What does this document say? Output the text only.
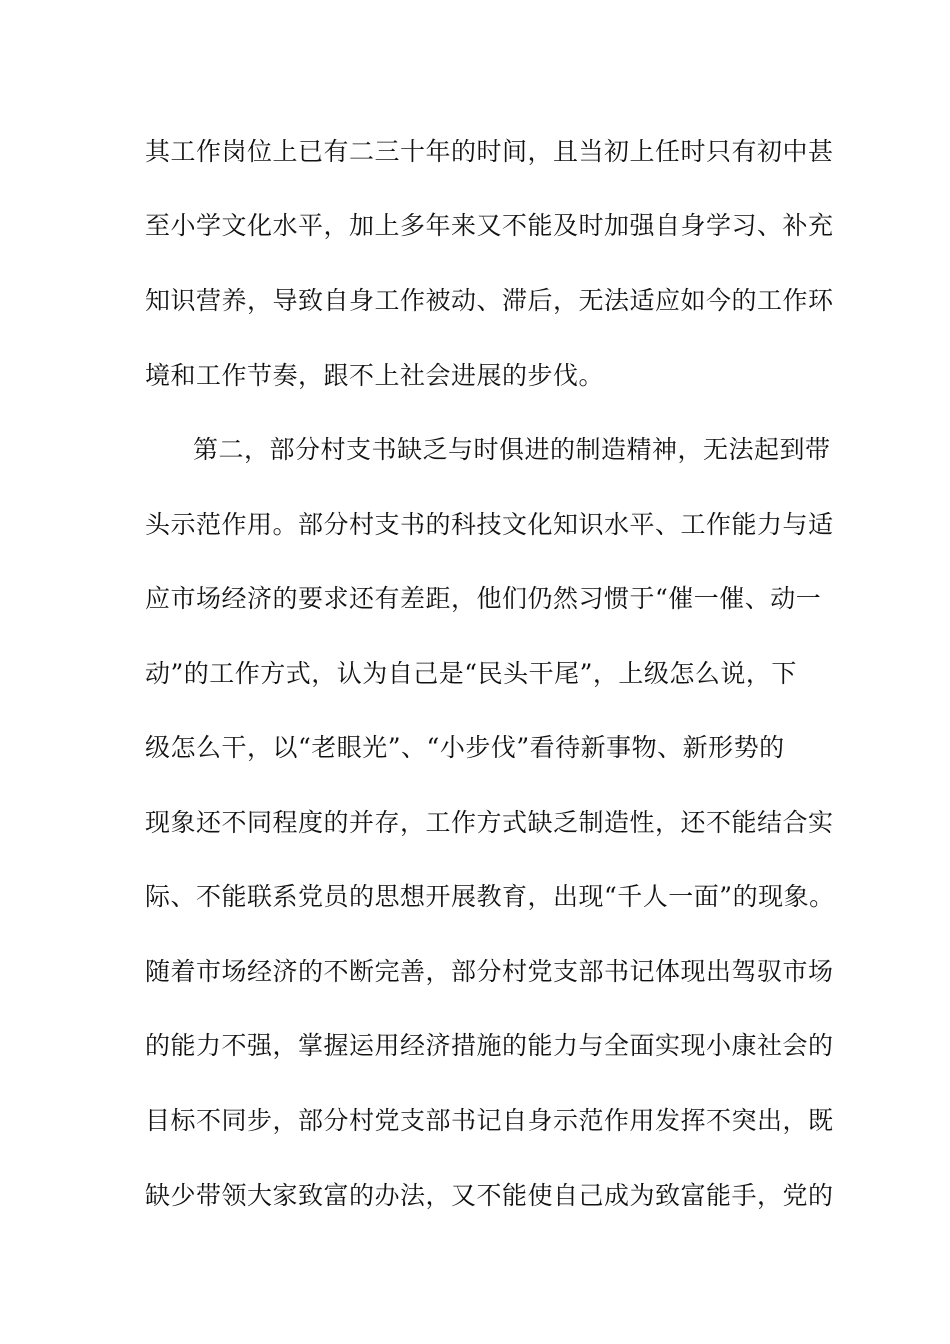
其工作岗位上已有二三十年的时间，且当初上任时只有初中甚
至小学文化水平，加上多年来又不能及时加强自身学习、补充
知识营养，导致自身工作被动、滞后，无法适应如今的工作环
境和工作节奏，跟不上社会进展的步伐。
第二，部分村支书缺乏与时俱进的制造精神，无法起到带
头示范作用。部分村支书的科技文化知识水平、工作能力与适
应市场经济的要求还有差距，他们仍然习惯于“催一催、动一
动”的工作方式，认为自己是“民头干尾”，上级怎么说，下
级怎么干，以“老眼光”、“小步伐”看待新事物、新形势的
现象还不同程度的并存，工作方式缺乏制造性，还不能结合实
际、不能联系党员的思想开展教育，出现“千人一面”的现象。
随着市场经济的不断完善，部分村党支部书记体现出驾驭市场
的能力不强，掌握运用经济措施的能力与全面实现小康社会的
目标不同步，部分村党支部书记自身示范作用发挥不突出，既
缺少带领大家致富的办法，又不能使自己成为致富能手，党的
